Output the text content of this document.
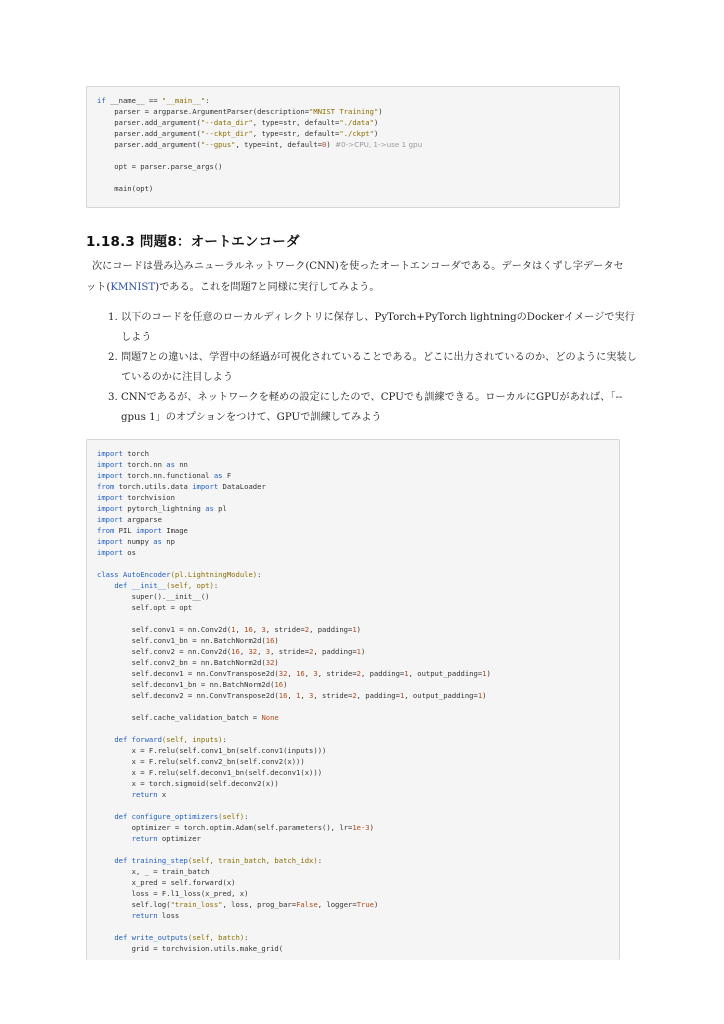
if __name__ == "__main__":
parser = argparse.ArgumentParser(description="MNIST Training")
parser.add_argument("--data_dir", type=str, default="./data")
parser.add_argument("--ckpt_dir", type=str, default="./ckpt")
parser.add_argument("--gpus", type=int, default=0) #0->CPU, 1->use 1 gpu
opt = parser.parse_args()
main(opt)
1.18.3 問題8：オートエンコーダ
次にコードは畳み込みニューラルネットワーク(CNN)を使ったオートエンコーダである。データはくずし字データセット(KMNIST)である。これを問題7と同様に実行してみよう。
1. 以下のコードを任意のローカルディレクトリに保存し、PyTorch+PyTorch lightningのDockerイメージで実行しよう
2. 問題7との違いは、学習中の経過が可視化されていることである。どこに出力されているのか、どのように実装しているのかに注目しよう
3. CNNであるが、ネットワークを軽めの設定にしたので、CPUでも訓練できる。ローカルにGPUがあれば、「--gpus 1」のオプションをつけて、GPUで訓練してみよう
import torch
import torch.nn as nn
import torch.nn.functional as F
from torch.utils.data import DataLoader
import torchvision
import pytorch_lightning as pl
import argparse
from PIL import Image
import numpy as np
import os
class AutoEncoder(pl.LightningModule):
def __init__(self, opt):
super().__init__()
self.opt = opt
self.conv1 = nn.Conv2d(1, 16, 3, stride=2, padding=1)
self.conv1_bn = nn.BatchNorm2d(16)
self.conv2 = nn.Conv2d(16, 32, 3, stride=2, padding=1)
self.conv2_bn = nn.BatchNorm2d(32)
self.deconv1 = nn.ConvTranspose2d(32, 16, 3, stride=2, padding=1, output_padding=1)
self.deconv1_bn = nn.BatchNorm2d(16)
self.deconv2 = nn.ConvTranspose2d(16, 1, 3, stride=2, padding=1, output_padding=1)
self.cache_validation_batch = None
def forward(self, inputs):
x = F.relu(self.conv1_bn(self.conv1(inputs)))
x = F.relu(self.conv2_bn(self.conv2(x)))
x = F.relu(self.deconv1_bn(self.deconv1(x)))
x = torch.sigmoid(self.deconv2(x))
return x
def configure_optimizers(self):
optimizer = torch.optim.Adam(self.parameters(), lr=1e-3)
return optimizer
def training_step(self, train_batch, batch_idx):
x, _ = train_batch
x_pred = self.forward(x)
loss = F.l1_loss(x_pred, x)
self.log("train_loss", loss, prog_bar=False, logger=True)
return loss
def write_outputs(self, batch):
grid = torchvision.utils.make_grid(
